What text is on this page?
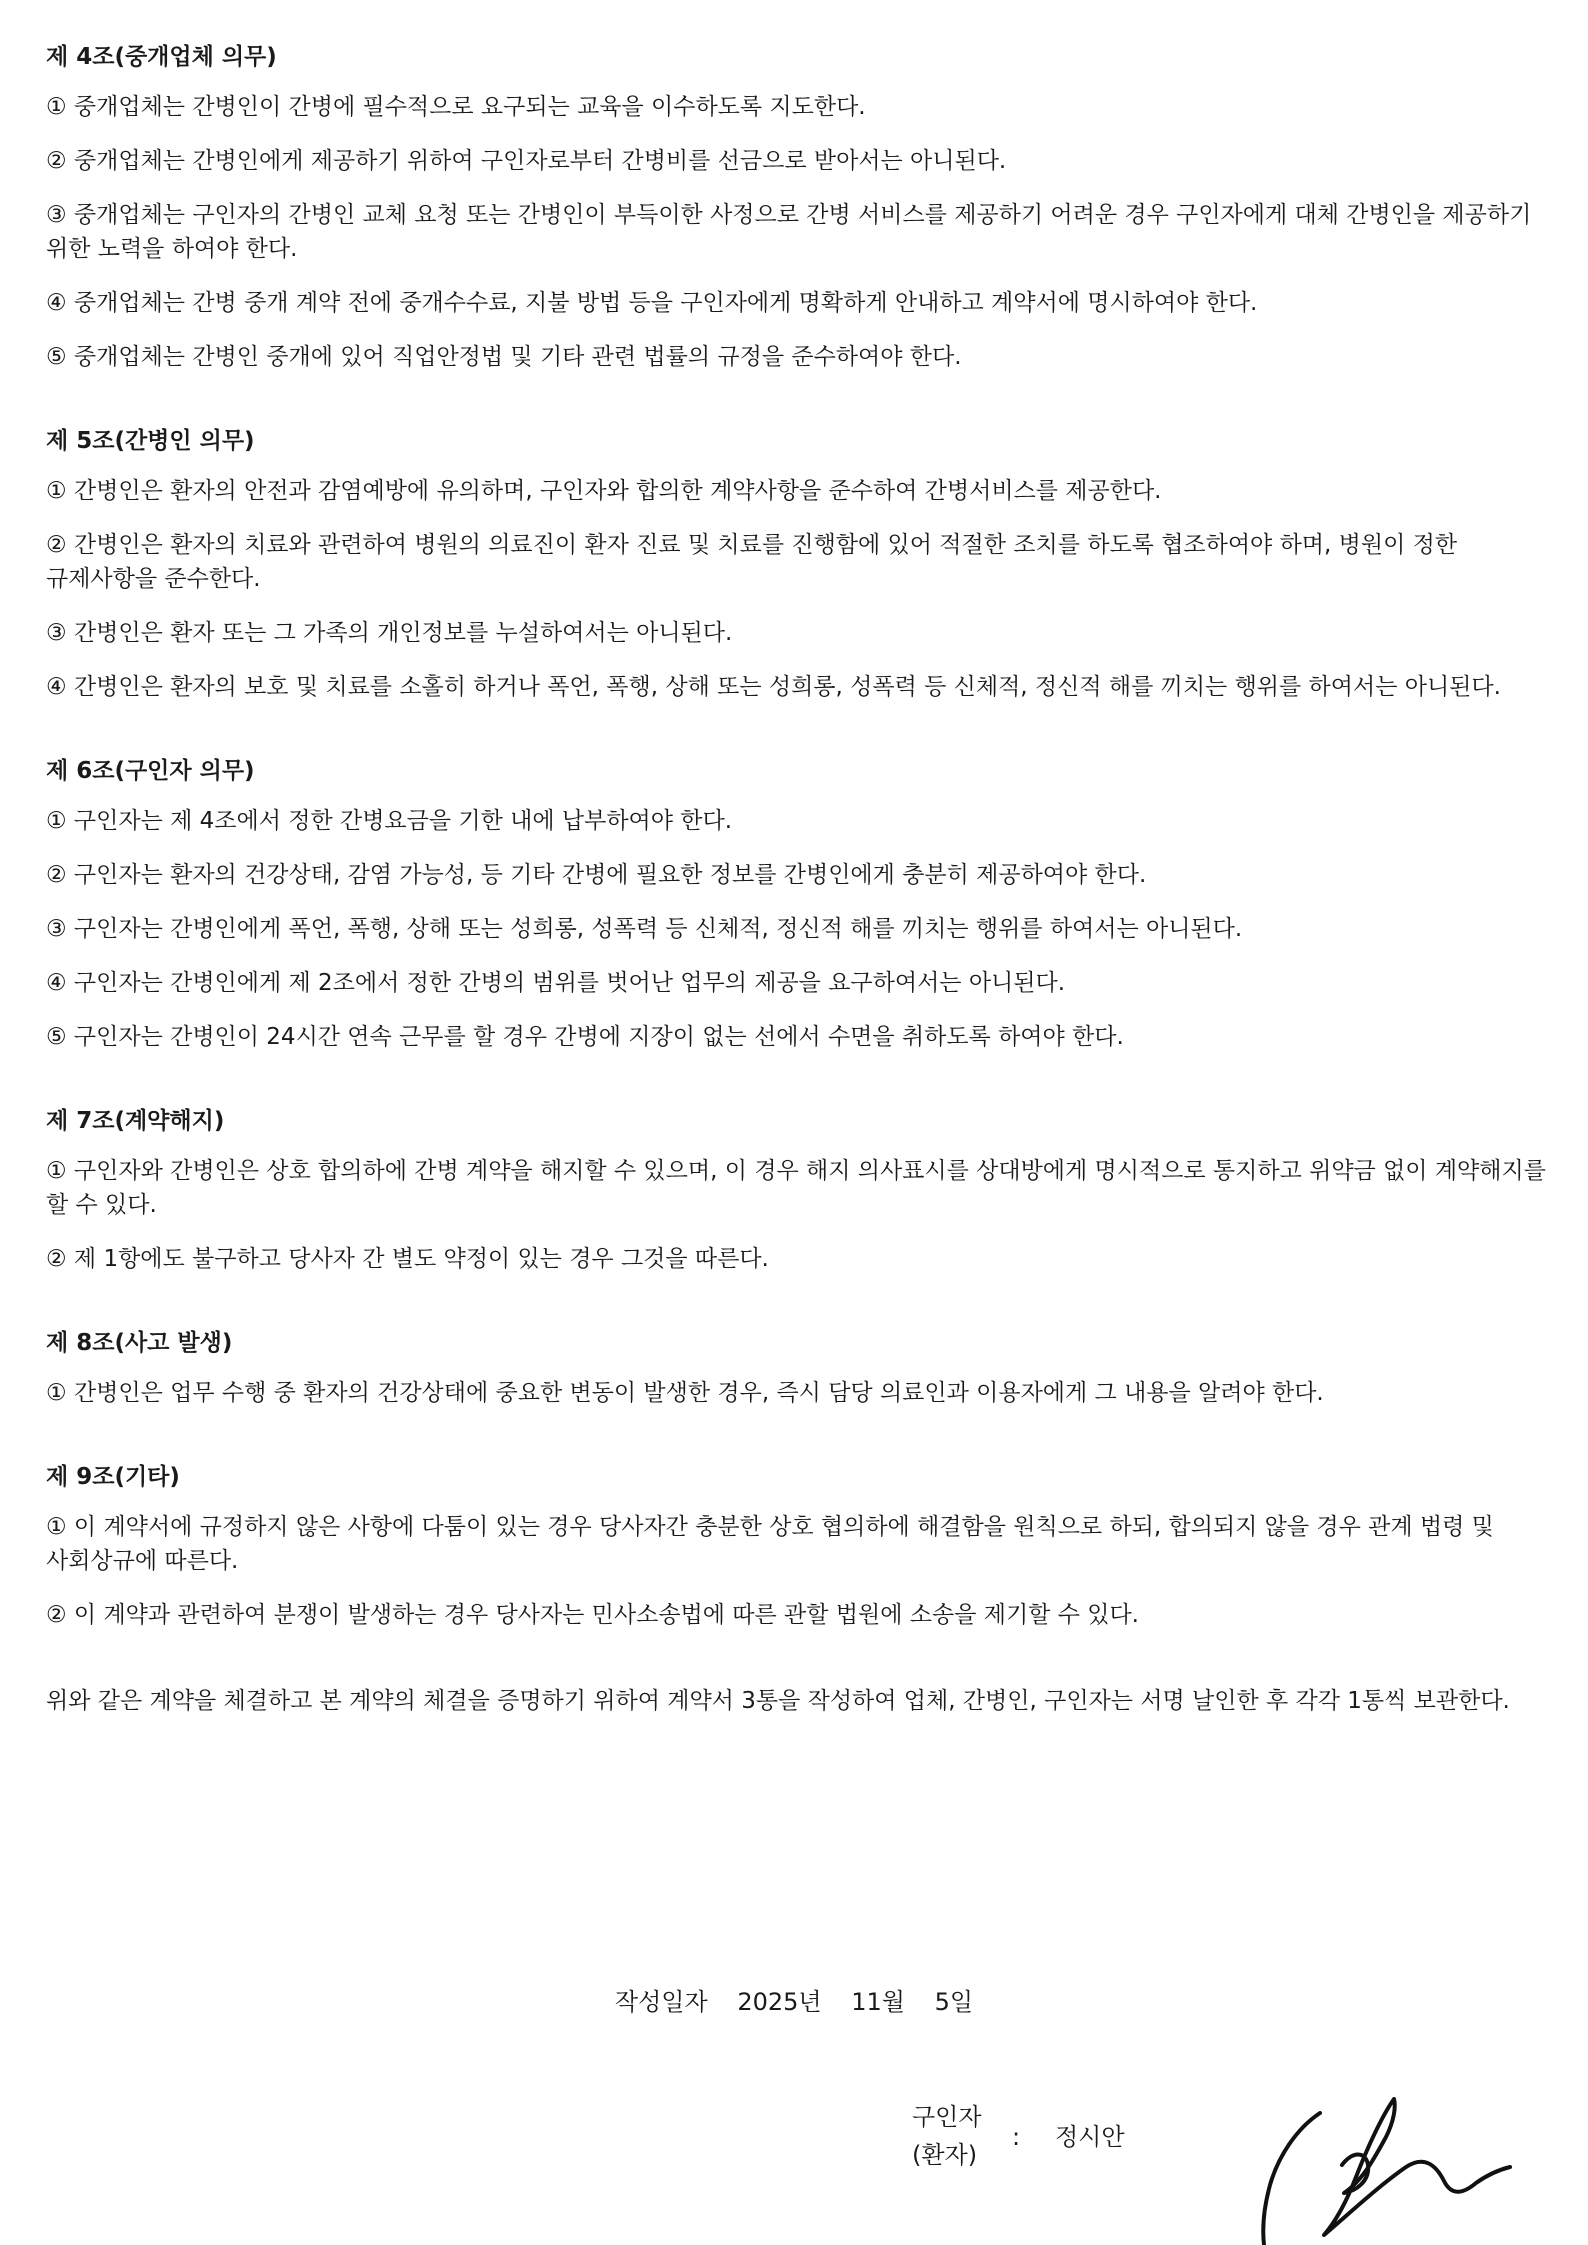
제 4조(중개업체 의무)

① 중개업체는 간병인이 간병에 필수적으로 요구되는 교육을 이수하도록 지도한다.

② 중개업체는 간병인에게 제공하기 위하여 구인자로부터 간병비를 선금으로 받아서는 아니된다.

③ 중개업체는 구인자의 간병인 교체 요청 또는 간병인이 부득이한 사정으로 간병 서비스를 제공하기 어려운 경우 구인자에게 대체 간병인을 제공하기 위한 노력을 하여야 한다.

④ 중개업체는 간병 중개 계약 전에 중개수수료, 지불 방법 등을 구인자에게 명확하게 안내하고 계약서에 명시하여야 한다.

⑤ 중개업체는 간병인 중개에 있어 직업안정법 및 기타 관련 법률의 규정을 준수하여야 한다.

제 5조(간병인 의무)

① 간병인은 환자의 안전과 감염예방에 유의하며, 구인자와 합의한 계약사항을 준수하여 간병서비스를 제공한다.

② 간병인은 환자의 치료와 관련하여 병원의 의료진이 환자 진료 및 치료를 진행함에 있어 적절한 조치를 하도록 협조하여야 하며, 병원이 정한 규제사항을 준수한다.

③ 간병인은 환자 또는 그 가족의 개인정보를 누설하여서는 아니된다.

④ 간병인은 환자의 보호 및 치료를 소홀히 하거나 폭언, 폭행, 상해 또는 성희롱, 성폭력 등 신체적, 정신적 해를 끼치는 행위를 하여서는 아니된다.

제 6조(구인자 의무)

① 구인자는 제 4조에서 정한 간병요금을 기한 내에 납부하여야 한다.

② 구인자는 환자의 건강상태, 감염 가능성, 등 기타 간병에 필요한 정보를 간병인에게 충분히 제공하여야 한다.

③ 구인자는 간병인에게 폭언, 폭행, 상해 또는 성희롱, 성폭력 등 신체적, 정신적 해를 끼치는 행위를 하여서는 아니된다.

④ 구인자는 간병인에게 제 2조에서 정한 간병의 범위를 벗어난 업무의 제공을 요구하여서는 아니된다.

⑤ 구인자는 간병인이 24시간 연속 근무를 할 경우 간병에 지장이 없는 선에서 수면을 취하도록 하여야 한다.

제 7조(계약해지)

① 구인자와 간병인은 상호 합의하에 간병 계약을 해지할 수 있으며, 이 경우 해지 의사표시를 상대방에게 명시적으로 통지하고 위약금 없이 계약해지를 할 수 있다.

② 제 1항에도 불구하고 당사자 간 별도 약정이 있는 경우 그것을 따른다.

제 8조(사고 발생)

① 간병인은 업무 수행 중 환자의 건강상태에 중요한 변동이 발생한 경우, 즉시 담당 의료인과 이용자에게 그 내용을 알려야 한다.

제 9조(기타)

① 이 계약서에 규정하지 않은 사항에 다툼이 있는 경우 당사자간 충분한 상호 협의하에 해결함을 원칙으로 하되, 합의되지 않을 경우 관계 법령 및 사회상규에 따른다.

② 이 계약과 관련하여 분쟁이 발생하는 경우 당사자는 민사소송법에 따른 관할 법원에 소송을 제기할 수 있다.

위와 같은 계약을 체결하고 본 계약의 체결을 증명하기 위하여 계약서 3통을 작성하여 업체, 간병인, 구인자는 서명 날인한 후 각각 1통씩 보관한다.

작성일자 2025년 11월 5일
구인자
(환자)
: 정시안
